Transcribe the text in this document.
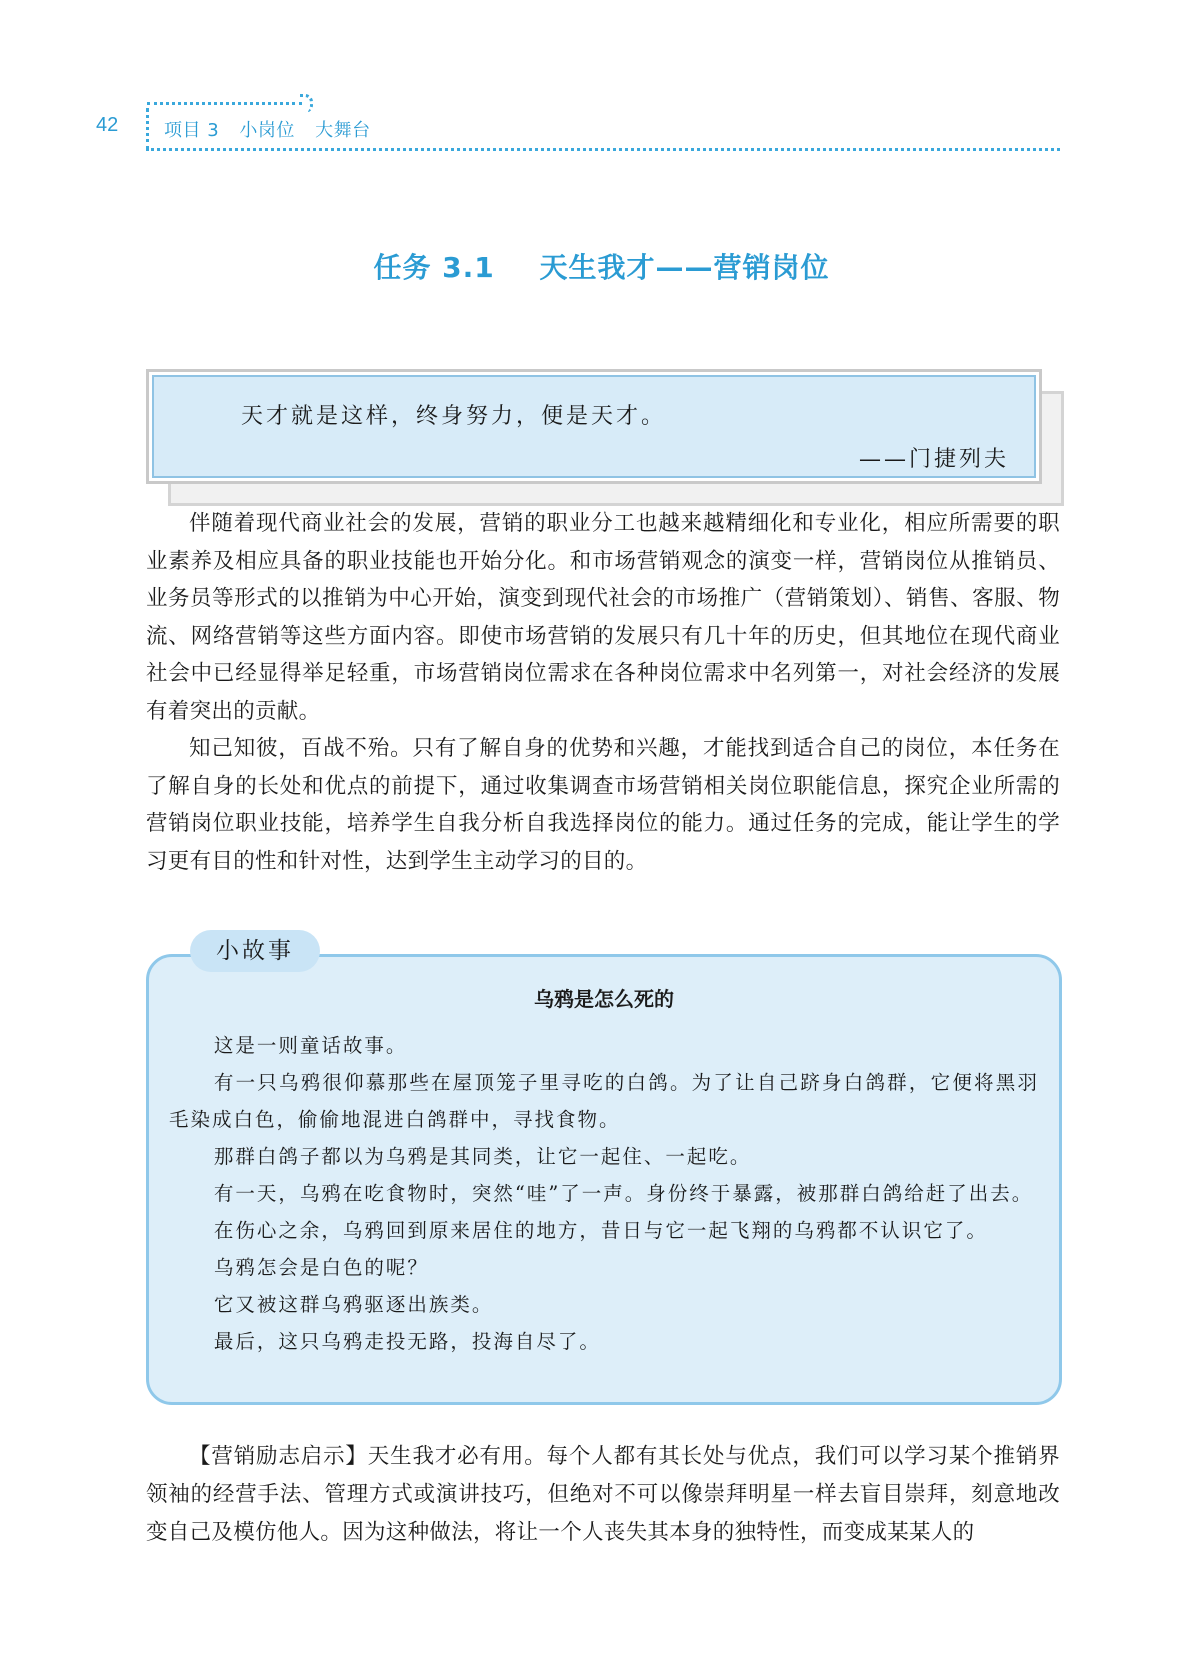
42	项目 3 小岗位 大舞台
任务 3.1 天生我才——营销岗位
天才就是这样，终身努力，便是天才。
——门捷列夫

伴随着现代商业社会的发展，营销的职业分工也越来越精细化和专业化，相应所需要的职业素养及相应具备的职业技能也开始分化。和市场营销观念的演变一样，营销岗位从推销员、业务员等形式的以推销为中心开始，演变到现代社会的市场推广（营销策划）、销售、客服、物流、网络营销等这些方面内容。即使市场营销的发展只有几十年的历史，但其地位在现代商业社会中已经显得举足轻重，市场营销岗位需求在各种岗位需求中名列第一，对社会经济的发展有着突出的贡献。

知己知彼，百战不殆。只有了解自身的优势和兴趣，才能找到适合自己的岗位，本任务在了解自身的长处和优点的前提下，通过收集调查市场营销相关岗位职能信息，探究企业所需的营销岗位职业技能，培养学生自我分析自我选择岗位的能力。通过任务的完成，能让学生的学习更有目的性和针对性，达到学生主动学习的目的。

乌鸦是怎么死的

这是一则童话故事。

有一只乌鸦很仰慕那些在屋顶笼子里寻吃的白鸽。为了让自己跻身白鸽群，它便将黑羽毛染成白色，偷偷地混进白鸽群中，寻找食物。

那群白鸽子都以为乌鸦是其同类，让它一起住、一起吃。

有一天，乌鸦在吃食物时，突然“哇”了一声。身份终于暴露，被那群白鸽给赶了出去。

在伤心之余，乌鸦回到原来居住的地方，昔日与它一起飞翔的乌鸦都不认识它了。

乌鸦怎会是白色的呢？

它又被这群乌鸦驱逐出族类。

最后，这只乌鸦走投无路，投海自尽了。

小故事

【营销励志启示】天生我才必有用。每个人都有其长处与优点，我们可以学习某个推销界领袖的经营手法、管理方式或演讲技巧，但绝对不可以像崇拜明星一样去盲目崇拜，刻意地改变自己及模仿他人。因为这种做法，将让一个人丧失其本身的独特性，而变成某某人的
